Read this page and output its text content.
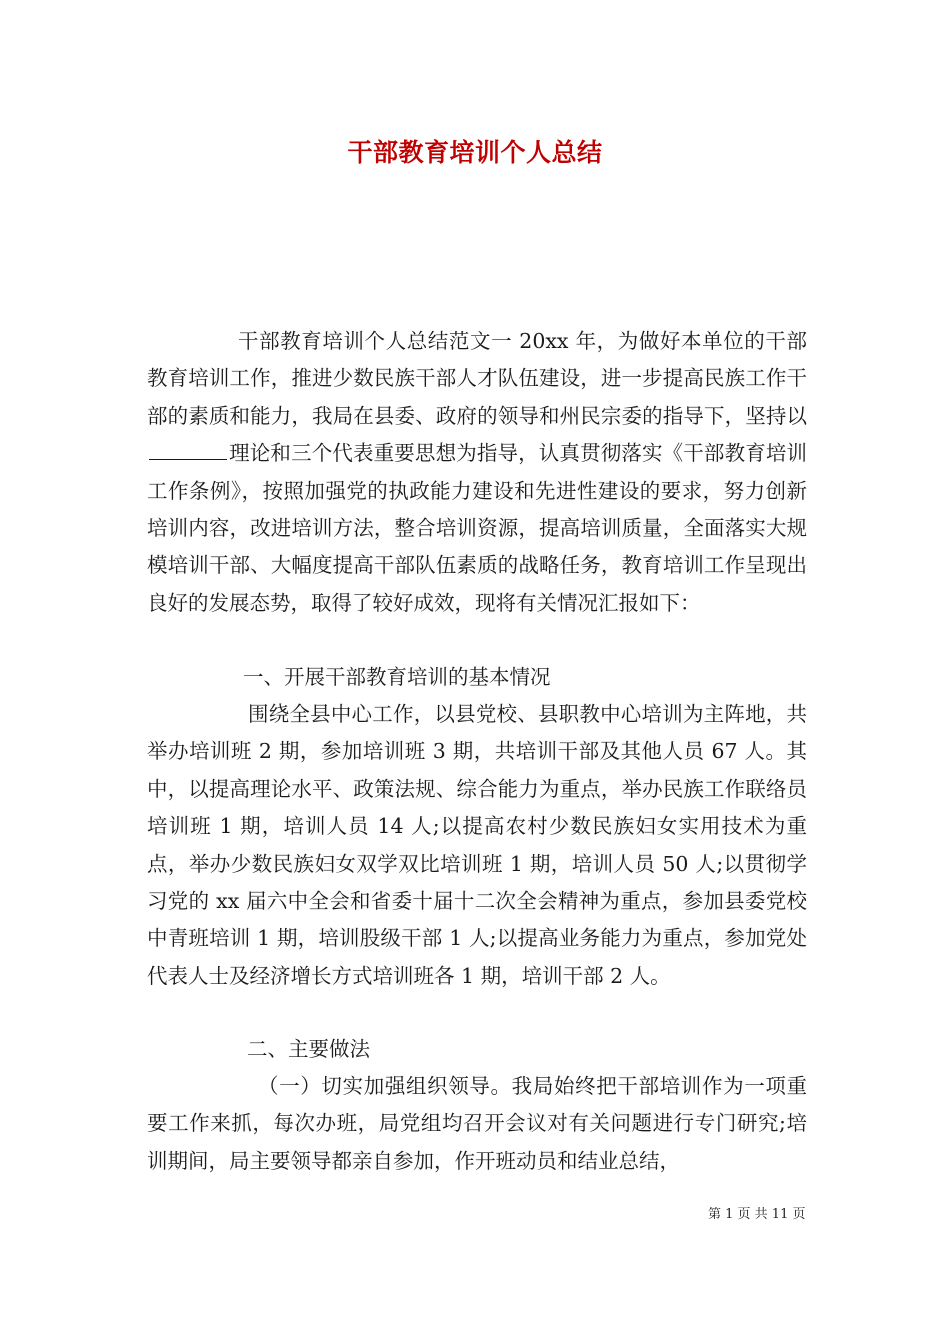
干部教育培训个人总结

干部教育培训个人总结范文一 20xx 年，为做好本单位的干部教育培训工作，推进少数民族干部人才队伍建设，进一步提高民族工作干部的素质和能力，我局在县委、政府的领导和州民宗委的指导下，坚持以理论和三个代表重要思想为指导，认真贯彻落实《干部教育培训工作条例》，按照加强党的执政能力建设和先进性建设的要求，努力创新培训内容，改进培训方法，整合培训资源，提高培训质量，全面落实大规模培训干部、大幅度提高干部队伍素质的战略任务，教育培训工作呈现出良好的发展态势，取得了较好成效，现将有关情况汇报如下：

一、开展干部教育培训的基本情况

围绕全县中心工作，以县党校、县职教中心培训为主阵地，共举办培训班 2 期，参加培训班 3 期，共培训干部及其他人员 67 人。其中，以提高理论水平、政策法规、综合能力为重点，举办民族工作联络员培训班 1 期，培训人员 14 人;以提高农村少数民族妇女实用技术为重点，举办少数民族妇女双学双比培训班 1 期，培训人员 50 人;以贯彻学习党的 xx 届六中全会和省委十届十二次全会精神为重点，参加县委党校中青班培训 1 期，培训股级干部 1 人;以提高业务能力为重点，参加党处代表人士及经济增长方式培训班各 1 期，培训干部 2 人。

二、主要做法

（一）切实加强组织领导。我局始终把干部培训作为一项重要工作来抓，每次办班，局党组均召开会议对有关问题进行专门研究;培训期间，局主要领导都亲自参加，作开班动员和结业总结，

第 1 页 共 11 页
